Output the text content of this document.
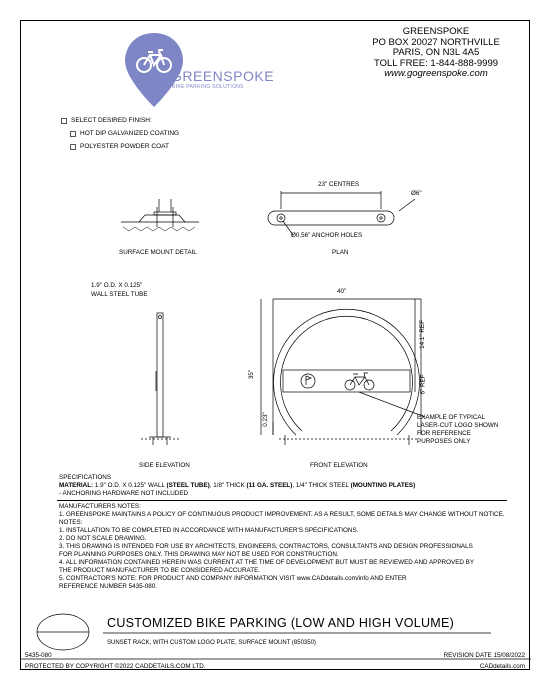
GREENSPOKE
BIKE PARKING SOLUTIONS
GREENSPOKE
PO BOX 20027 NORTHVILLE
PARIS, ON N3L 4A5
TOLL FREE: 1-844-888-9999
www.gogreenspoke.com
SELECT DESIRED FINISH:
HOT DIP GALVANIZED COATING
POLYESTER POWDER COAT
SURFACE MOUNT DETAIL	PLAN
23" CENTRES
Ø6"
Ø0.56" ANCHOR HOLES
1.9" O.D. X 0.125"
WALL STEEL TUBE	40"
35"
14.1" REF
6" REF
0.23"	EXAMPLE OF TYPICAL
LASER-CUT LOGO SHOWN
FOR REFERENCE
PURPOSES ONLY
SIDE ELEVATION	FRONT ELEVATION
SPECIFICATIONS
MATERIAL: 1.9" O.D. X 0.125" WALL (STEEL TUBE), 1/8" THICK (11 GA. STEEL), 1/4" THICK STEEL (MOUNTING PLATES)
- ANCHORING HARDWARE NOT INCLUDED
MANUFACTURERS NOTES:
1. GREENSPOKE MAINTAINS A POLICY OF CONTINUOUS PRODUCT IMPROVEMENT. AS A RESULT, SOME DETAILS MAY CHANGE WITHOUT NOTICE.
NOTES:
1. INSTALLATION TO BE COMPLETED IN ACCORDANCE WITH MANUFACTURER'S SPECIFICATIONS.
2. DO NOT SCALE DRAWING.
3. THIS DRAWING IS INTENDED FOR USE BY ARCHITECTS, ENGINEERS, CONTRACTORS, CONSULTANTS AND DESIGN PROFESSIONALS
FOR PLANNING PURPOSES ONLY. THIS DRAWING MAY NOT BE USED FOR CONSTRUCTION.
4. ALL INFORMATION CONTAINED HEREIN WAS CURRENT AT THE TIME OF DEVELOPMENT BUT MUST BE REVIEWED AND APPROVED BY
THE PRODUCT MANUFACTURER TO BE CONSIDERED ACCURATE.
5. CONTRACTOR'S NOTE: FOR PRODUCT AND COMPANY INFORMATION VISIT www.CADdetails.com/info AND ENTER
REFERENCE NUMBER 5435-080.
CUSTOMIZED BIKE PARKING (LOW AND HIGH VOLUME)
SUNSET RACK, WITH CUSTOM LOGO PLATE, SURFACE MOUNT (850350)
5435-080	REVISION DATE 15/08/2022
PROTECTED BY COPYRIGHT ©2022 CADDETAILS.COM LTD.	CADdetails.com
